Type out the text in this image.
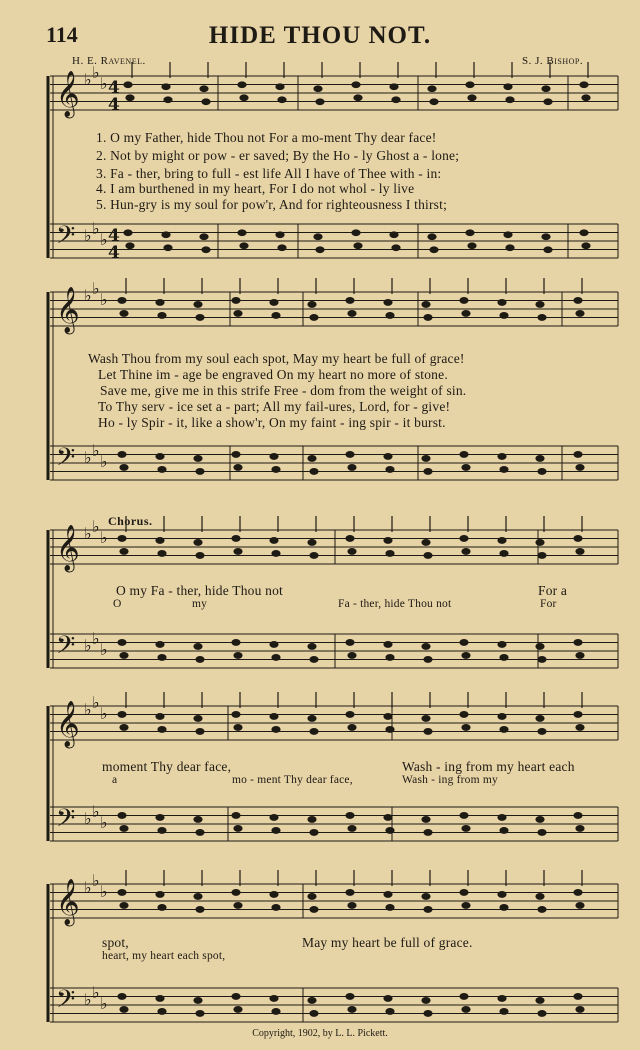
114	HIDE THOU NOT.
H. E. Ravenel.	S. J. Bishop.
𝄞
𝄢
♭ ♭
♭
♭ ♭
♭
𝄞
𝄢
♭ ♭
♭
♭ ♭
♭
𝄞
𝄢
♭ ♭
♭
♭ ♭
♭
𝄞
𝄢
♭ ♭
♭
♭ ♭
♭
𝄞
𝄢
♭ ♭
♭
♭ ♭
♭
4
4
4
4
1. O my Father, hide Thou not For a mo-ment Thy dear face!
2. Not by might or pow - er saved; By the Ho - ly Ghost a - lone;
3. Fa - ther, bring to full - est life All I have of Thee with - in:
4. I am burthened in my heart, For I do not whol - ly live
5. Hun-gry is my soul for pow'r, And for righteousness I thirst;
Wash Thou from my soul each spot, May my heart be full of grace!
Let Thine im - age be engraved On my heart no more of stone.
Save me, give me in this strife Free - dom from the weight of sin.
To Thy serv - ice set a - part; All my fail-ures, Lord, for - give!
Ho - ly Spir - it, like a show'r, On my faint - ing spir - it burst.
Chorus.
O my Fa - ther, hide Thou not	For a
O	my	Fa - ther, hide Thou not	For
moment Thy dear face,	Wash - ing from my heart each
a	mo - ment Thy dear face,	Wash - ing from my
spot,	May my heart be full of grace.
heart, my heart each spot,
Copyright, 1902, by L. L. Pickett.
